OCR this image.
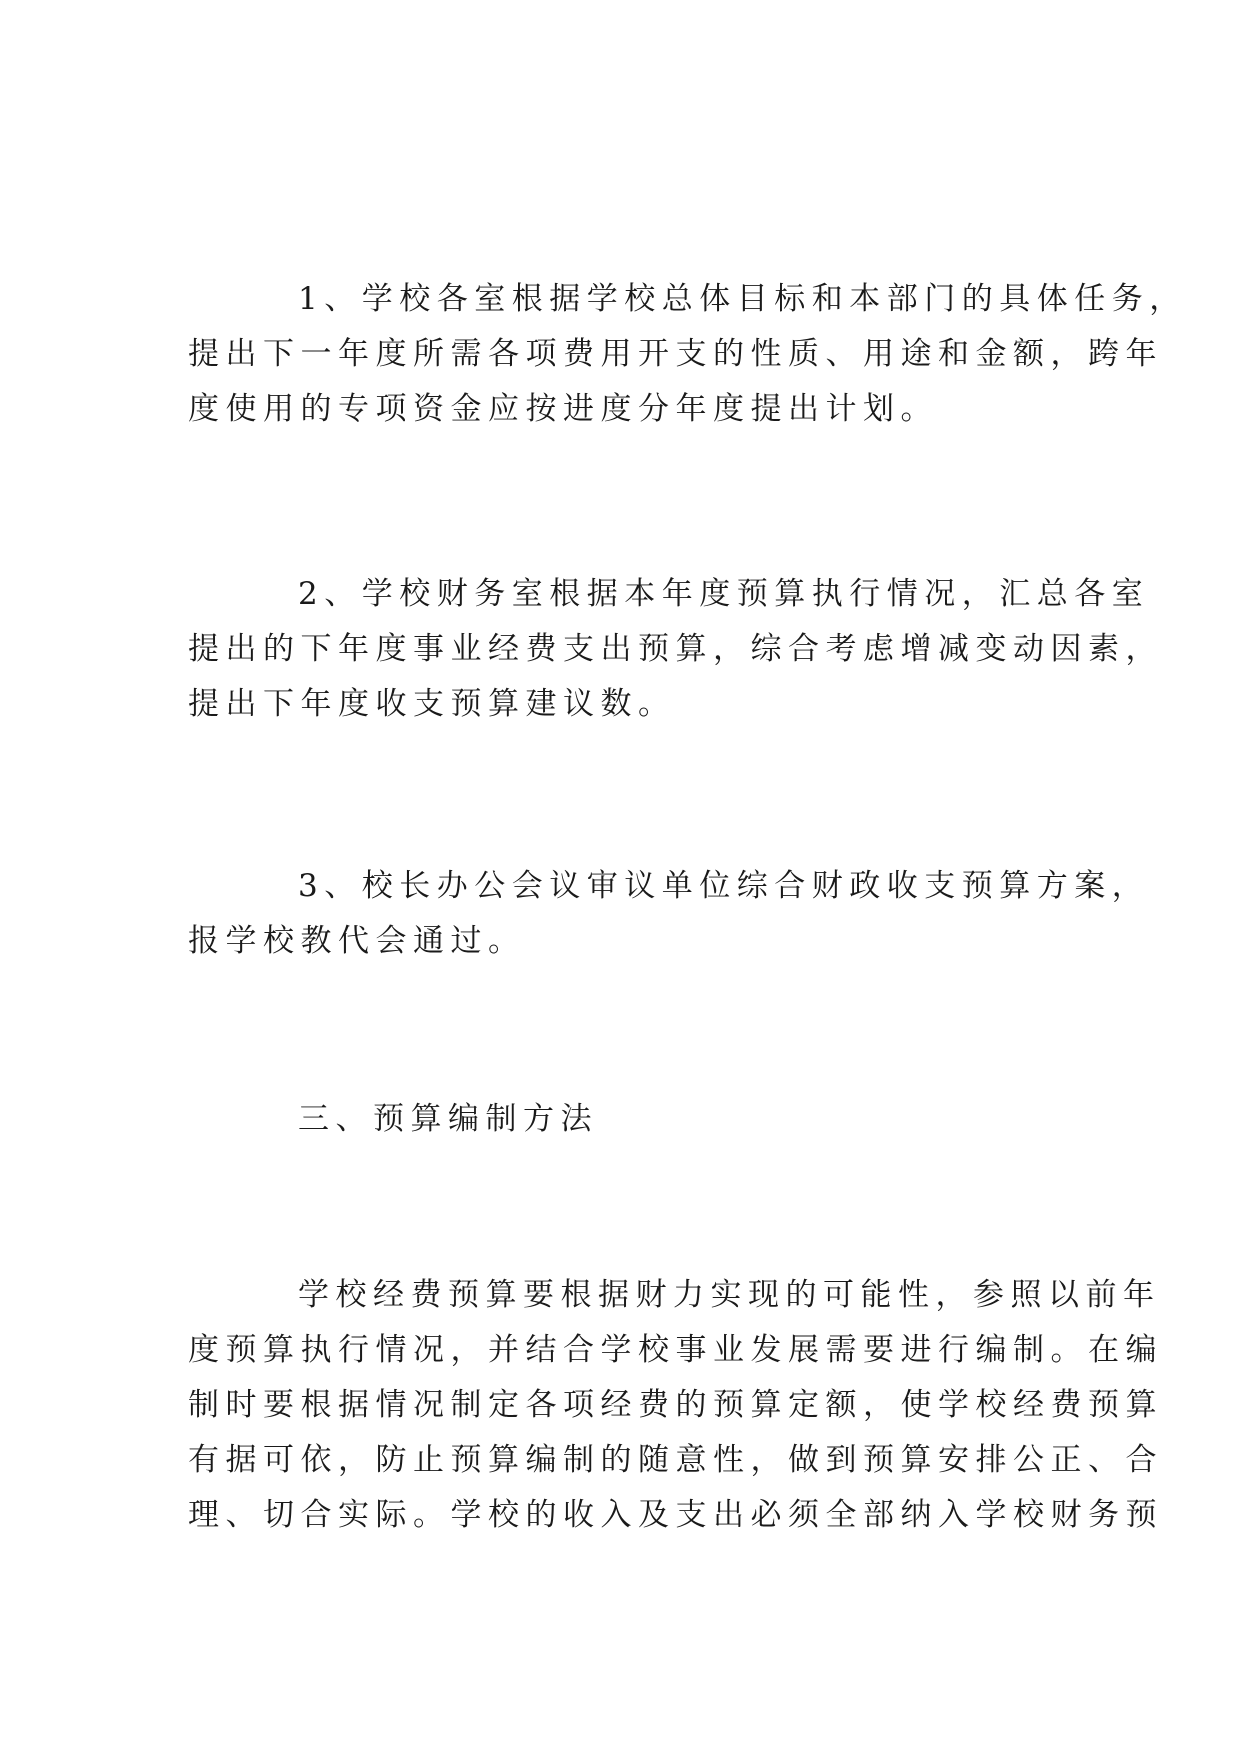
1、学校各室根据学校总体目标和本部门的具体任务，
提出下一年度所需各项费用开支的性质、用途和金额，跨年
度使用的专项资金应按进度分年度提出计划。
2、学校财务室根据本年度预算执行情况，汇总各室
提出的下年度事业经费支出预算，综合考虑增减变动因素，
提出下年度收支预算建议数。
3、校长办公会议审议单位综合财政收支预算方案，
报学校教代会通过。
三、预算编制方法
学校经费预算要根据财力实现的可能性，参照以前年
度预算执行情况，并结合学校事业发展需要进行编制。在编
制时要根据情况制定各项经费的预算定额，使学校经费预算
有据可依，防止预算编制的随意性，做到预算安排公正、合
理、切合实际。学校的收入及支出必须全部纳入学校财务预
